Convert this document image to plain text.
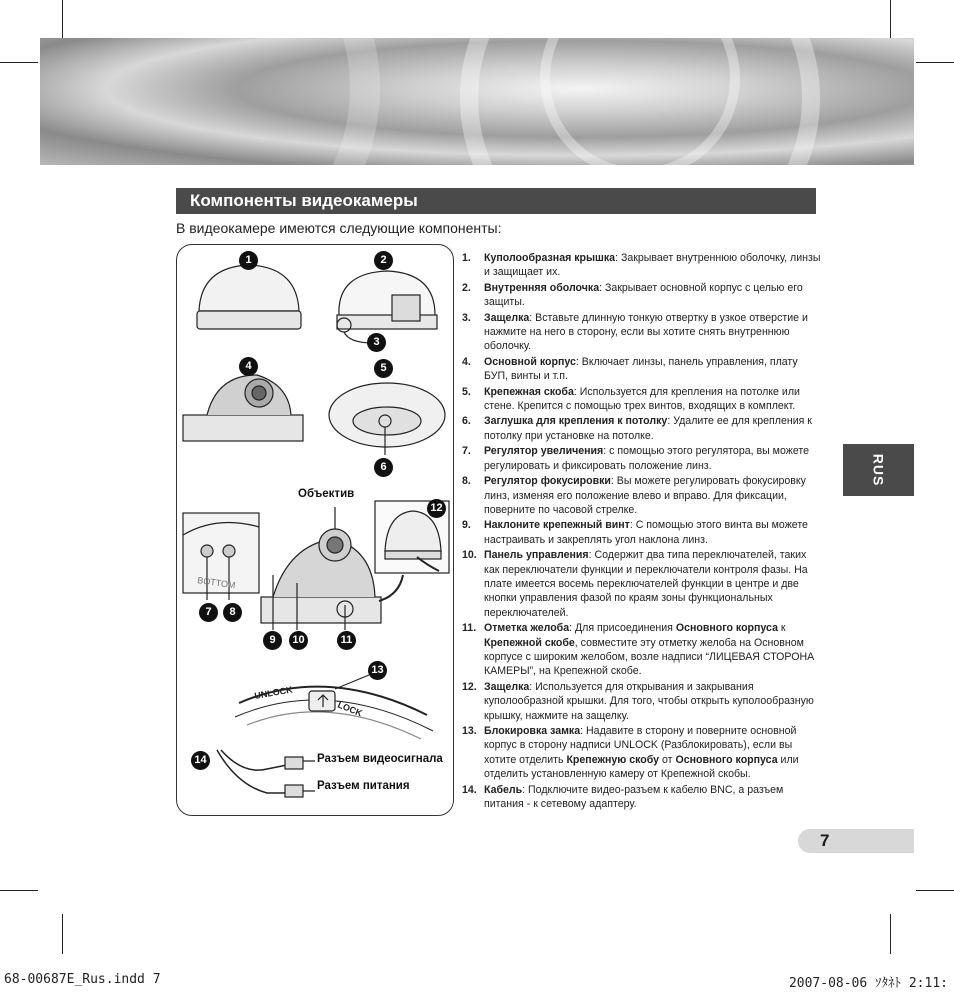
Компоненты видеокамеры
В видеокамере имеются следующие компоненты:
BOTTOM
UNLOCK
LOCK
1	2
3
4	5
6
7	8
9	10	11
12
13
14
Объектив
Разъем видеосигнала
Разъем питания
1. Куполообразная крышка: Закрывает внутреннюю оболочку, линзы и защищает их.
2. Внутренняя оболочка: Закрывает основной корпус с целью его защиты.
3. Защелка: Вставьте длинную тонкую отвертку в узкое отверстие и нажмите на него в сторону, если вы хотите снять внутреннюю оболочку.
4. Основной корпус: Включает линзы, панель управления, плату БУП, винты и т.п.
5. Крепежная скоба: Используется для крепления на потолке или стене. Крепится с помощью трех винтов, входящих в комплект.
6. Заглушка для крепления к потолку: Удалите ее для крепления к потолку при установке на потолке.
7. Регулятор увеличения: с помощью этого регулятора, вы можете регулировать и фиксировать положение линз.
8. Регулятор фокусировки: Вы можете регулировать фокусировку линз, изменяя его положение влево и вправо. Для фиксации, поверните по часовой стрелке.
9. Наклоните крепежный винт: С помощью этого винта вы можете настраивать и закреплять угол наклона линз.
10. Панель управления: Содержит два типа переключателей, таких как переключатели функции и переключатели контроля фазы. На плате имеется восемь переключателей функции в центре и две кнопки управления фазой по краям зоны функциональных переключателей.
11. Отметка желоба: Для присоединения Основного корпуса к Крепежной скобе, совместите эту отметку желоба на Основном корпусе с широким желобом, возле надписи “ЛИЦЕВАЯ СТОРОНА КАМЕРЫ”, на Крепежной скобе.
12. Защелка: Используется для открывания и закрывания куполообразной крышки. Для того, чтобы открыть куполообразную крышку, нажмите на защелку.
13. Блокировка замка: Надавите в сторону и поверните основной корпус в сторону надписи UNLOCK (Разблокировать), если вы хотите отделить Крепежную скобу от Основного корпуса или отделить установленную камеру от Крепежной скобы.
14. Кабель: Подключите видео-разъем к кабелю BNC, а разъем питания - к сетевому адаптеру.
RUS
7
68-00687E_Rus.indd 7	2007-08-06 ｿﾀﾈﾄ 2:11:
